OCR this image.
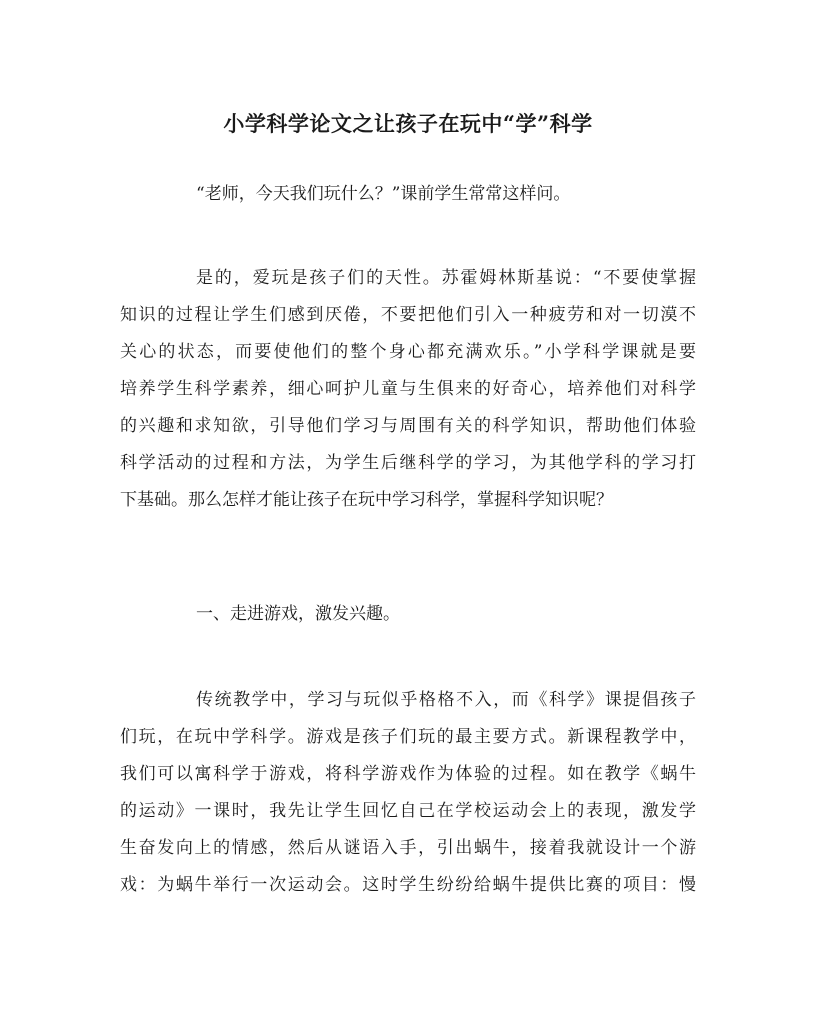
小学科学论文之让孩子在玩中“学”科学

“老师，今天我们玩什么？”课前学生常常这样问。

是的，爱玩是孩子们的天性。苏霍姆林斯基说：“不要使掌握

知识的过程让学生们感到厌倦，不要把他们引入一种疲劳和对一切漠不

关心的状态，而要使他们的整个身心都充满欢乐。”小学科学课就是要

培养学生科学素养，细心呵护儿童与生俱来的好奇心，培养他们对科学

的兴趣和求知欲，引导他们学习与周围有关的科学知识，帮助他们体验

科学活动的过程和方法，为学生后继科学的学习，为其他学科的学习打

下基础。那么怎样才能让孩子在玩中学习科学，掌握科学知识呢？

一、走进游戏，激发兴趣。

传统教学中，学习与玩似乎格格不入，而《科学》课提倡孩子

们玩，在玩中学科学。游戏是孩子们玩的最主要方式。新课程教学中，

我们可以寓科学于游戏，将科学游戏作为体验的过程。如在教学《蜗牛

的运动》一课时，我先让学生回忆自己在学校运动会上的表现，激发学

生奋发向上的情感，然后从谜语入手，引出蜗牛，接着我就设计一个游

戏：为蜗牛举行一次运动会。这时学生纷纷给蜗牛提供比赛的项目：慢
